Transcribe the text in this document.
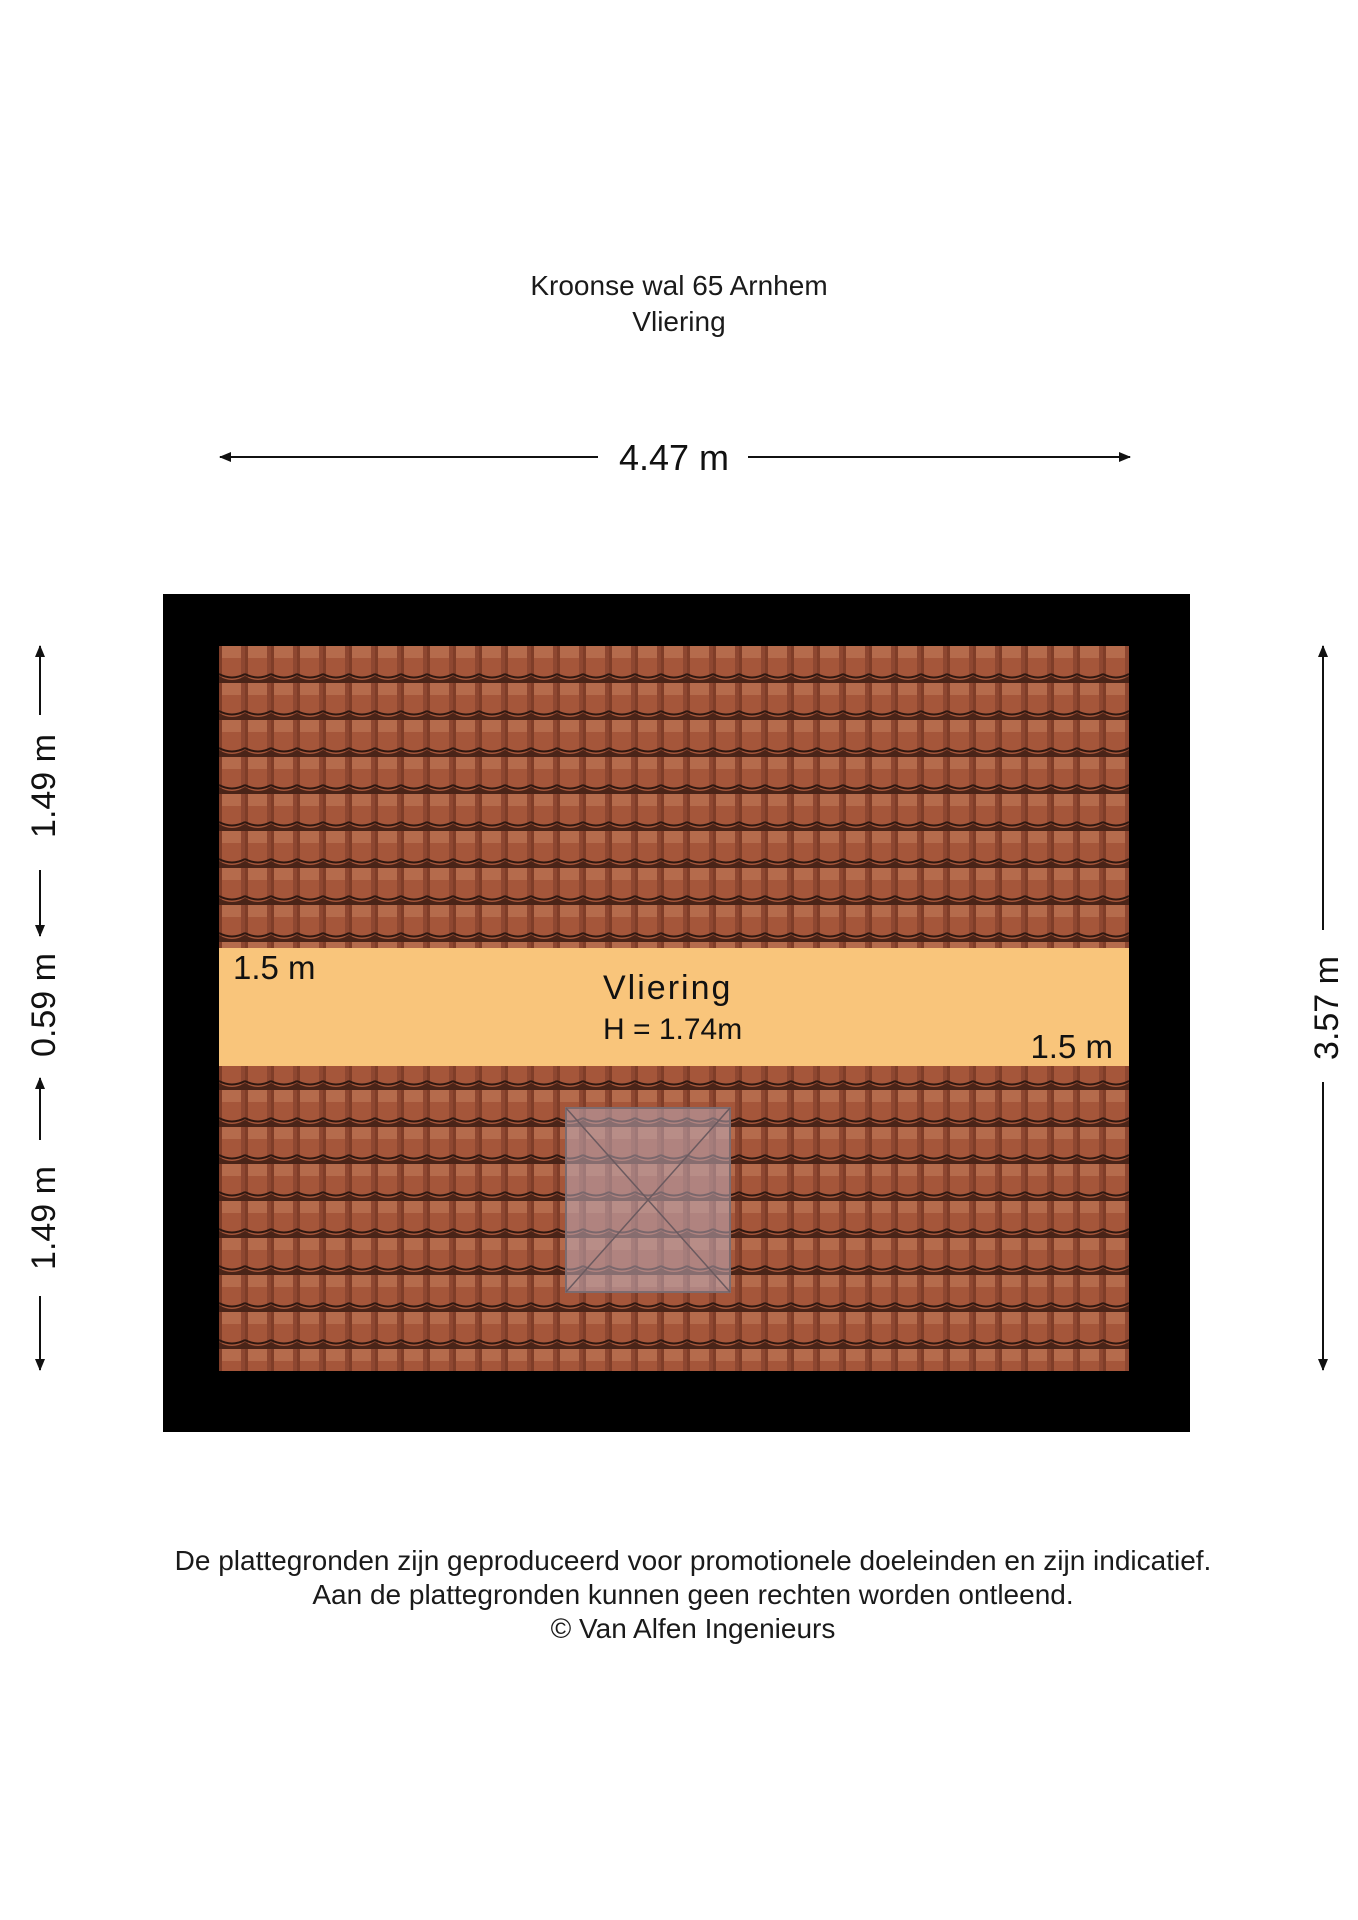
Kroonse wal 65 Arnhem
Vliering
4.47 m
1.5 m
Vliering
H = 1.74m	1.5 m
1.49 m
0.59 m
1.49 m
3.57 m
De plattegronden zijn geproduceerd voor promotionele doeleinden en zijn indicatief.
Aan de plattegronden kunnen geen rechten worden ontleend.
© Van Alfen Ingenieurs
